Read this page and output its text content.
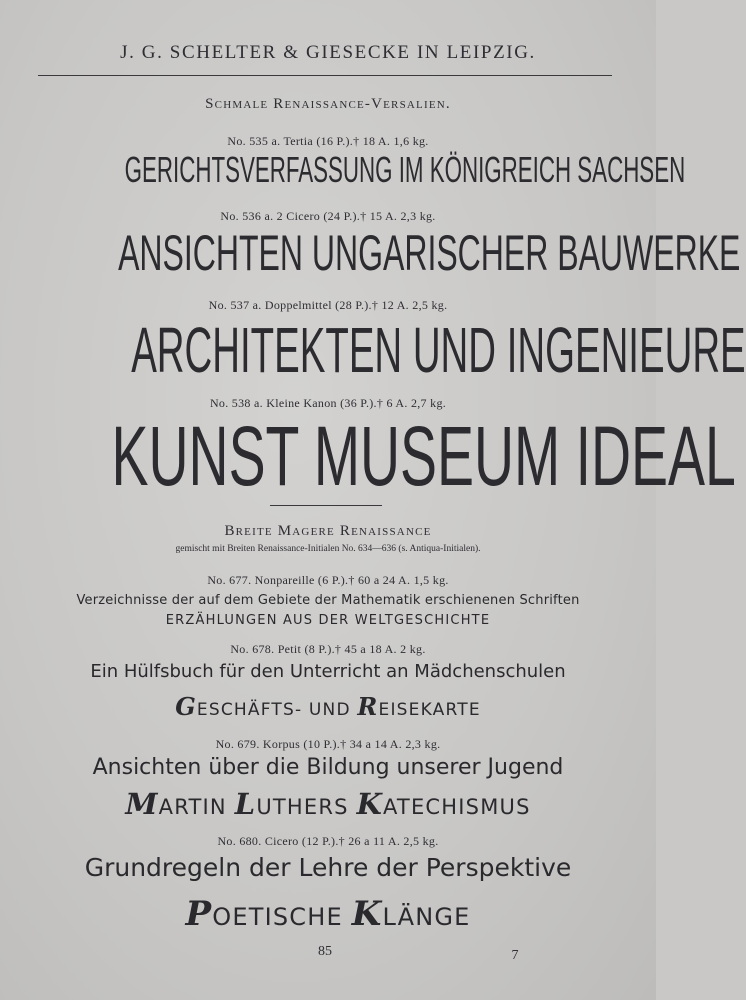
J. G. SCHELTER & GIESECKE IN LEIPZIG.
Schmale Renaissance-Versalien.
No. 535 a. Tertia (16 P.).† 18 A. 1,6 kg.
GERICHTSVERFASSUNG IM KÖNIGREICH SACHSEN
No. 536 a. 2 Cicero (24 P.).† 15 A. 2,3 kg.
ANSICHTEN UNGARISCHER BAUWERKE
No. 537 a. Doppelmittel (28 P.).† 12 A. 2,5 kg.
ARCHITEKTEN UND INGENIEURE
No. 538 a. Kleine Kanon (36 P.).† 6 A. 2,7 kg.
KUNST MUSEUM IDEAL
Breite Magere Renaissance
gemischt mit Breiten Renaissance-Initialen No. 634—636 (s. Antiqua-Initialen).
No. 677. Nonpareille (6 P.).† 60 a 24 A. 1,5 kg.
Verzeichnisse der auf dem Gebiete der Mathematik erschienenen Schriften
ERZÄHLUNGEN AUS DER WELTGESCHICHTE
No. 678. Petit (8 P.).† 45 a 18 A. 2 kg.
Ein Hülfsbuch für den Unterricht an Mädchenschulen
GESCHÄFTS- UND REISEKARTE
No. 679. Korpus (10 P.).† 34 a 14 A. 2,3 kg.
Ansichten über die Bildung unserer Jugend
MARTIN LUTHERS KATECHISMUS
No. 680. Cicero (12 P.).† 26 a 11 A. 2,5 kg.
Grundregeln der Lehre der Perspektive
POETISCHE KLÄNGE
85	7
